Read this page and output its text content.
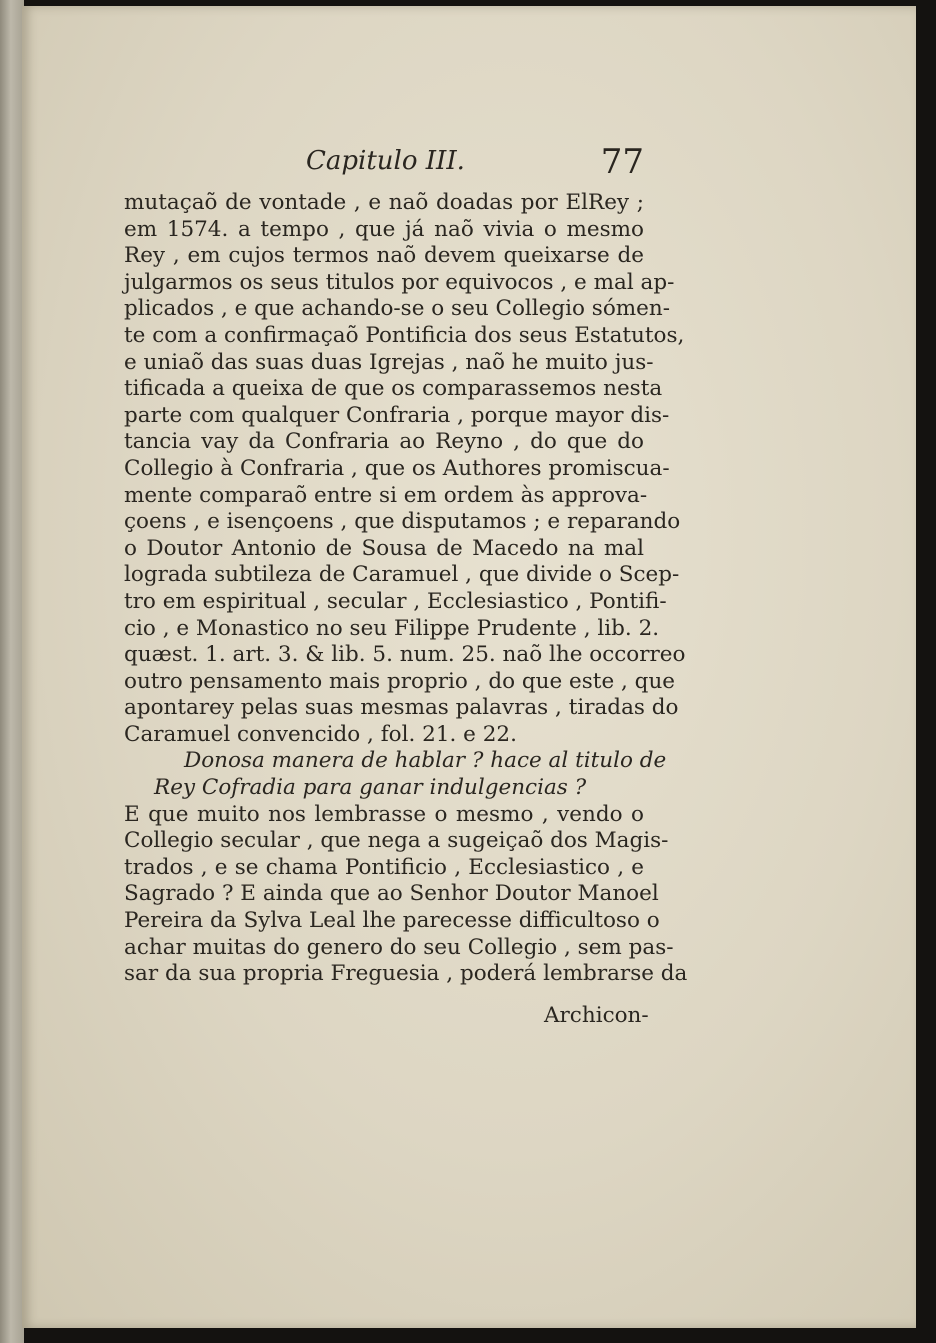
Capitulo III.	77
mutaçaõ de vontade , e naõ doadas por ElRey ;
em 1574. a tempo , que já naõ vivia o mesmo
Rey , em cujos termos naõ devem queixarse de
julgarmos os seus titulos por equivocos , e mal ap-
plicados , e que achando-se o seu Collegio sómen-
te com a confirmaçaõ Pontificia dos seus Estatutos,
e uniaõ das suas duas Igrejas , naõ he muito jus-
tificada a queixa de que os comparassemos nesta
parte com qualquer Confraria , porque mayor dis-
tancia vay da Confraria ao Reyno , do que do
Collegio à Confraria , que os Authores promiscua-
mente comparaõ entre si em ordem às approva-
çoens , e isençoens , que disputamos ; e reparando
o Doutor Antonio de Sousa de Macedo na mal
lograda subtileza de Caramuel , que divide o Scep-
tro em espiritual , secular , Ecclesiastico , Pontifi-
cio , e Monastico no seu Filippe Prudente , lib. 2.
quæst. 1. art. 3. & lib. 5. num. 25. naõ lhe occorreo
outro pensamento mais proprio , do que este , que
apontarey pelas suas mesmas palavras , tiradas do
Caramuel convencido , fol. 21. e 22.
Donosa manera de hablar ? hace al titulo de
Rey Cofradia para ganar indulgencias ?
E que muito nos lembrasse o mesmo , vendo o
Collegio secular , que nega a sugeiçaõ dos Magis-
trados , e se chama Pontificio , Ecclesiastico , e
Sagrado ? E ainda que ao Senhor Doutor Manoel
Pereira da Sylva Leal lhe parecesse difficultoso o
achar muitas do genero do seu Collegio , sem pas-
sar da sua propria Freguesia , poderá lembrarse da
Archicon-
